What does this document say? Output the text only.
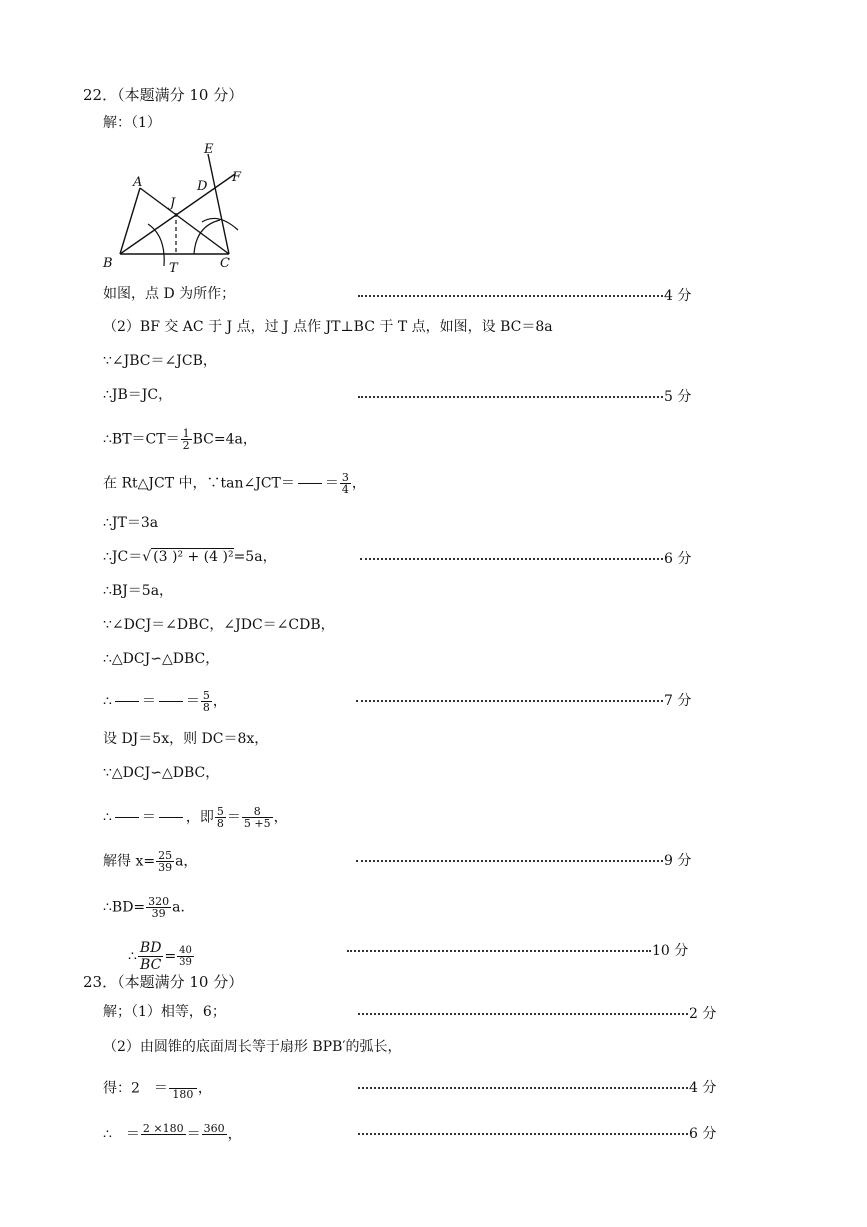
22．（本题满分 10 分）
解：（1）
E
A	D
F
J
B	T	C
如图，点 D 为所作；	4 分
（2）BF 交 AC 于 J 点，过 J 点作 JT⊥BC 于 T 点，如图，设 BC＝8a
∵∠JBC＝∠JCB，
∴JB＝JC，	5 分
∴BT＝CT＝ $\frac{1}{2} BC=4a$，
在 Rt△JCT 中，∵tan∠JCT＝ ＝ $\frac{3}{4}$ ，
∴JT＝3a
∴JC＝√ (3 )² + (4 )²=5a，	6 分
∴BJ＝5a，
∵∠DCJ＝∠DBC，∠JDC＝∠CDB，
∴△DCJ∽△DBC，
∴ ＝ ＝ $\frac{5}{8}$ ，	7 分
设 DJ＝5x，则 DC＝8x，
∵△DCJ∽△DBC，
∴ ＝ ，即 $\frac{5}{8} = \frac{8}{5 +5}$ ，
解得 $x= \frac{25}{39}$ a，	9 分
∴BD= $\frac{320}{39}$ a．
∴ $\frac{BD}{BC} = \frac{40}{39}$	10 分
23．（本题满分 10 分）
解；（1）相等，6；	2 分
（2）由圆锥的底面周长等于扇形 BPB′的弧长，
得：2　＝ 180 ，	4 分
∴　＝ 2 ×180 ＝ 360 ，	6 分
